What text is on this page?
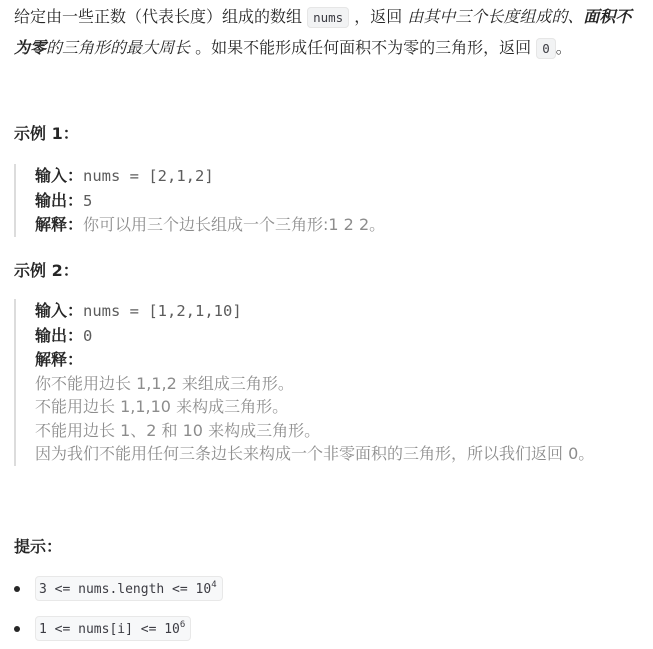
给定由一些正数（代表长度）组成的数组 nums ，返回 由其中三个长度组成的、面积不为零的三角形的最大周长 。如果不能形成任何面积不为零的三角形，返回 0 。

示例 1：
输入：nums = [2,1,2]
输出：5
解释：你可以用三个边长组成一个三角形:1 2 2。
示例 2：
输入：nums = [1,2,1,10]
输出：0
解释：
你不能用边长 1,1,2 来组成三角形。
不能用边长 1,1,10 来构成三角形。
不能用边长 1、2 和 10 来构成三角形。
因为我们不能用任何三条边长来构成一个非零面积的三角形，所以我们返回 0。
提示：
3 <= nums.length <= $10^4$
1 <= nums[i] <= $10^6$
